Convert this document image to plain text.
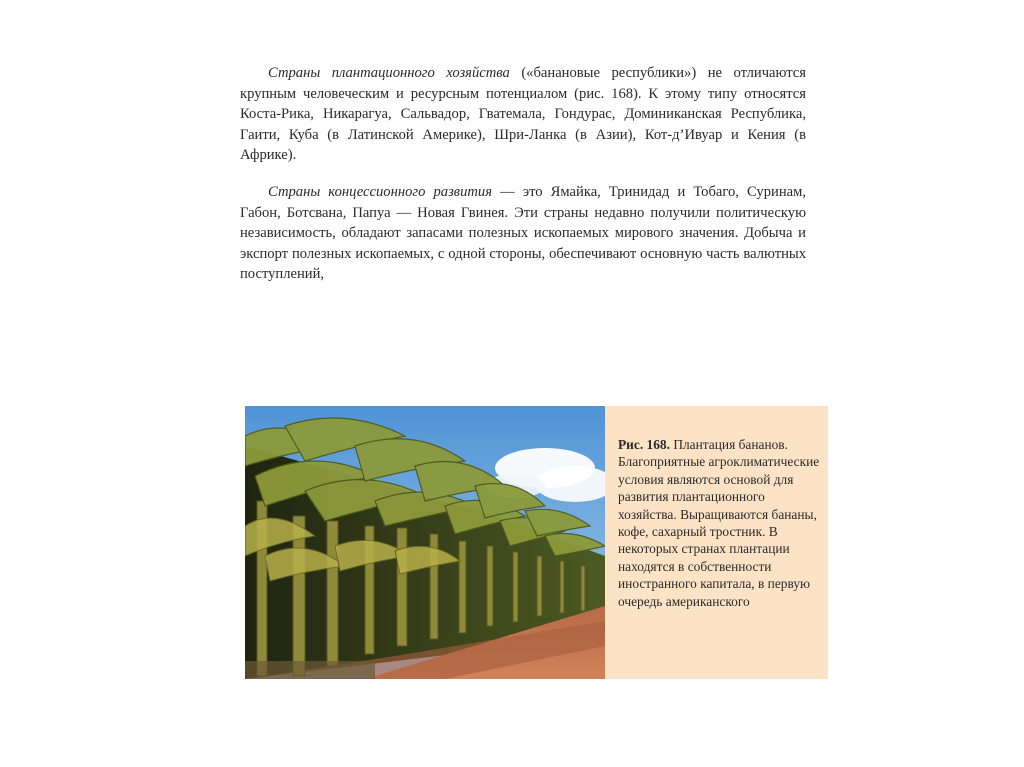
Страны плантационного хозяйства («банановые республики») не отличаются крупным человеческим и ресурсным потенциалом (рис. 168). К этому типу относятся Коста-Рика, Никарагуа, Сальвадор, Гватемала, Гондурас, Доминиканская Республика, Гаити, Куба (в Латинской Америке), Шри-Ланка (в Азии), Кот-д’Ивуар и Кения (в Африке).

Страны концессионного развития — это Ямайка, Тринидад и Тобаго, Суринам, Габон, Ботсвана, Папуа — Новая Гвинея. Эти страны недавно получили политическую независимость, обладают запасами полезных ископаемых мирового значения. Добыча и экспорт полезных ископаемых, с одной стороны, обеспечивают основную часть валютных поступлений,

Рис. 168. Плантация бананов. Благоприятные агроклиматические условия являются основой для развития плантационного хозяйства. Выращиваются бананы, кофе, сахарный тростник. В некоторых странах плантации находятся в собственности иностранного капитала, в первую очередь американского
